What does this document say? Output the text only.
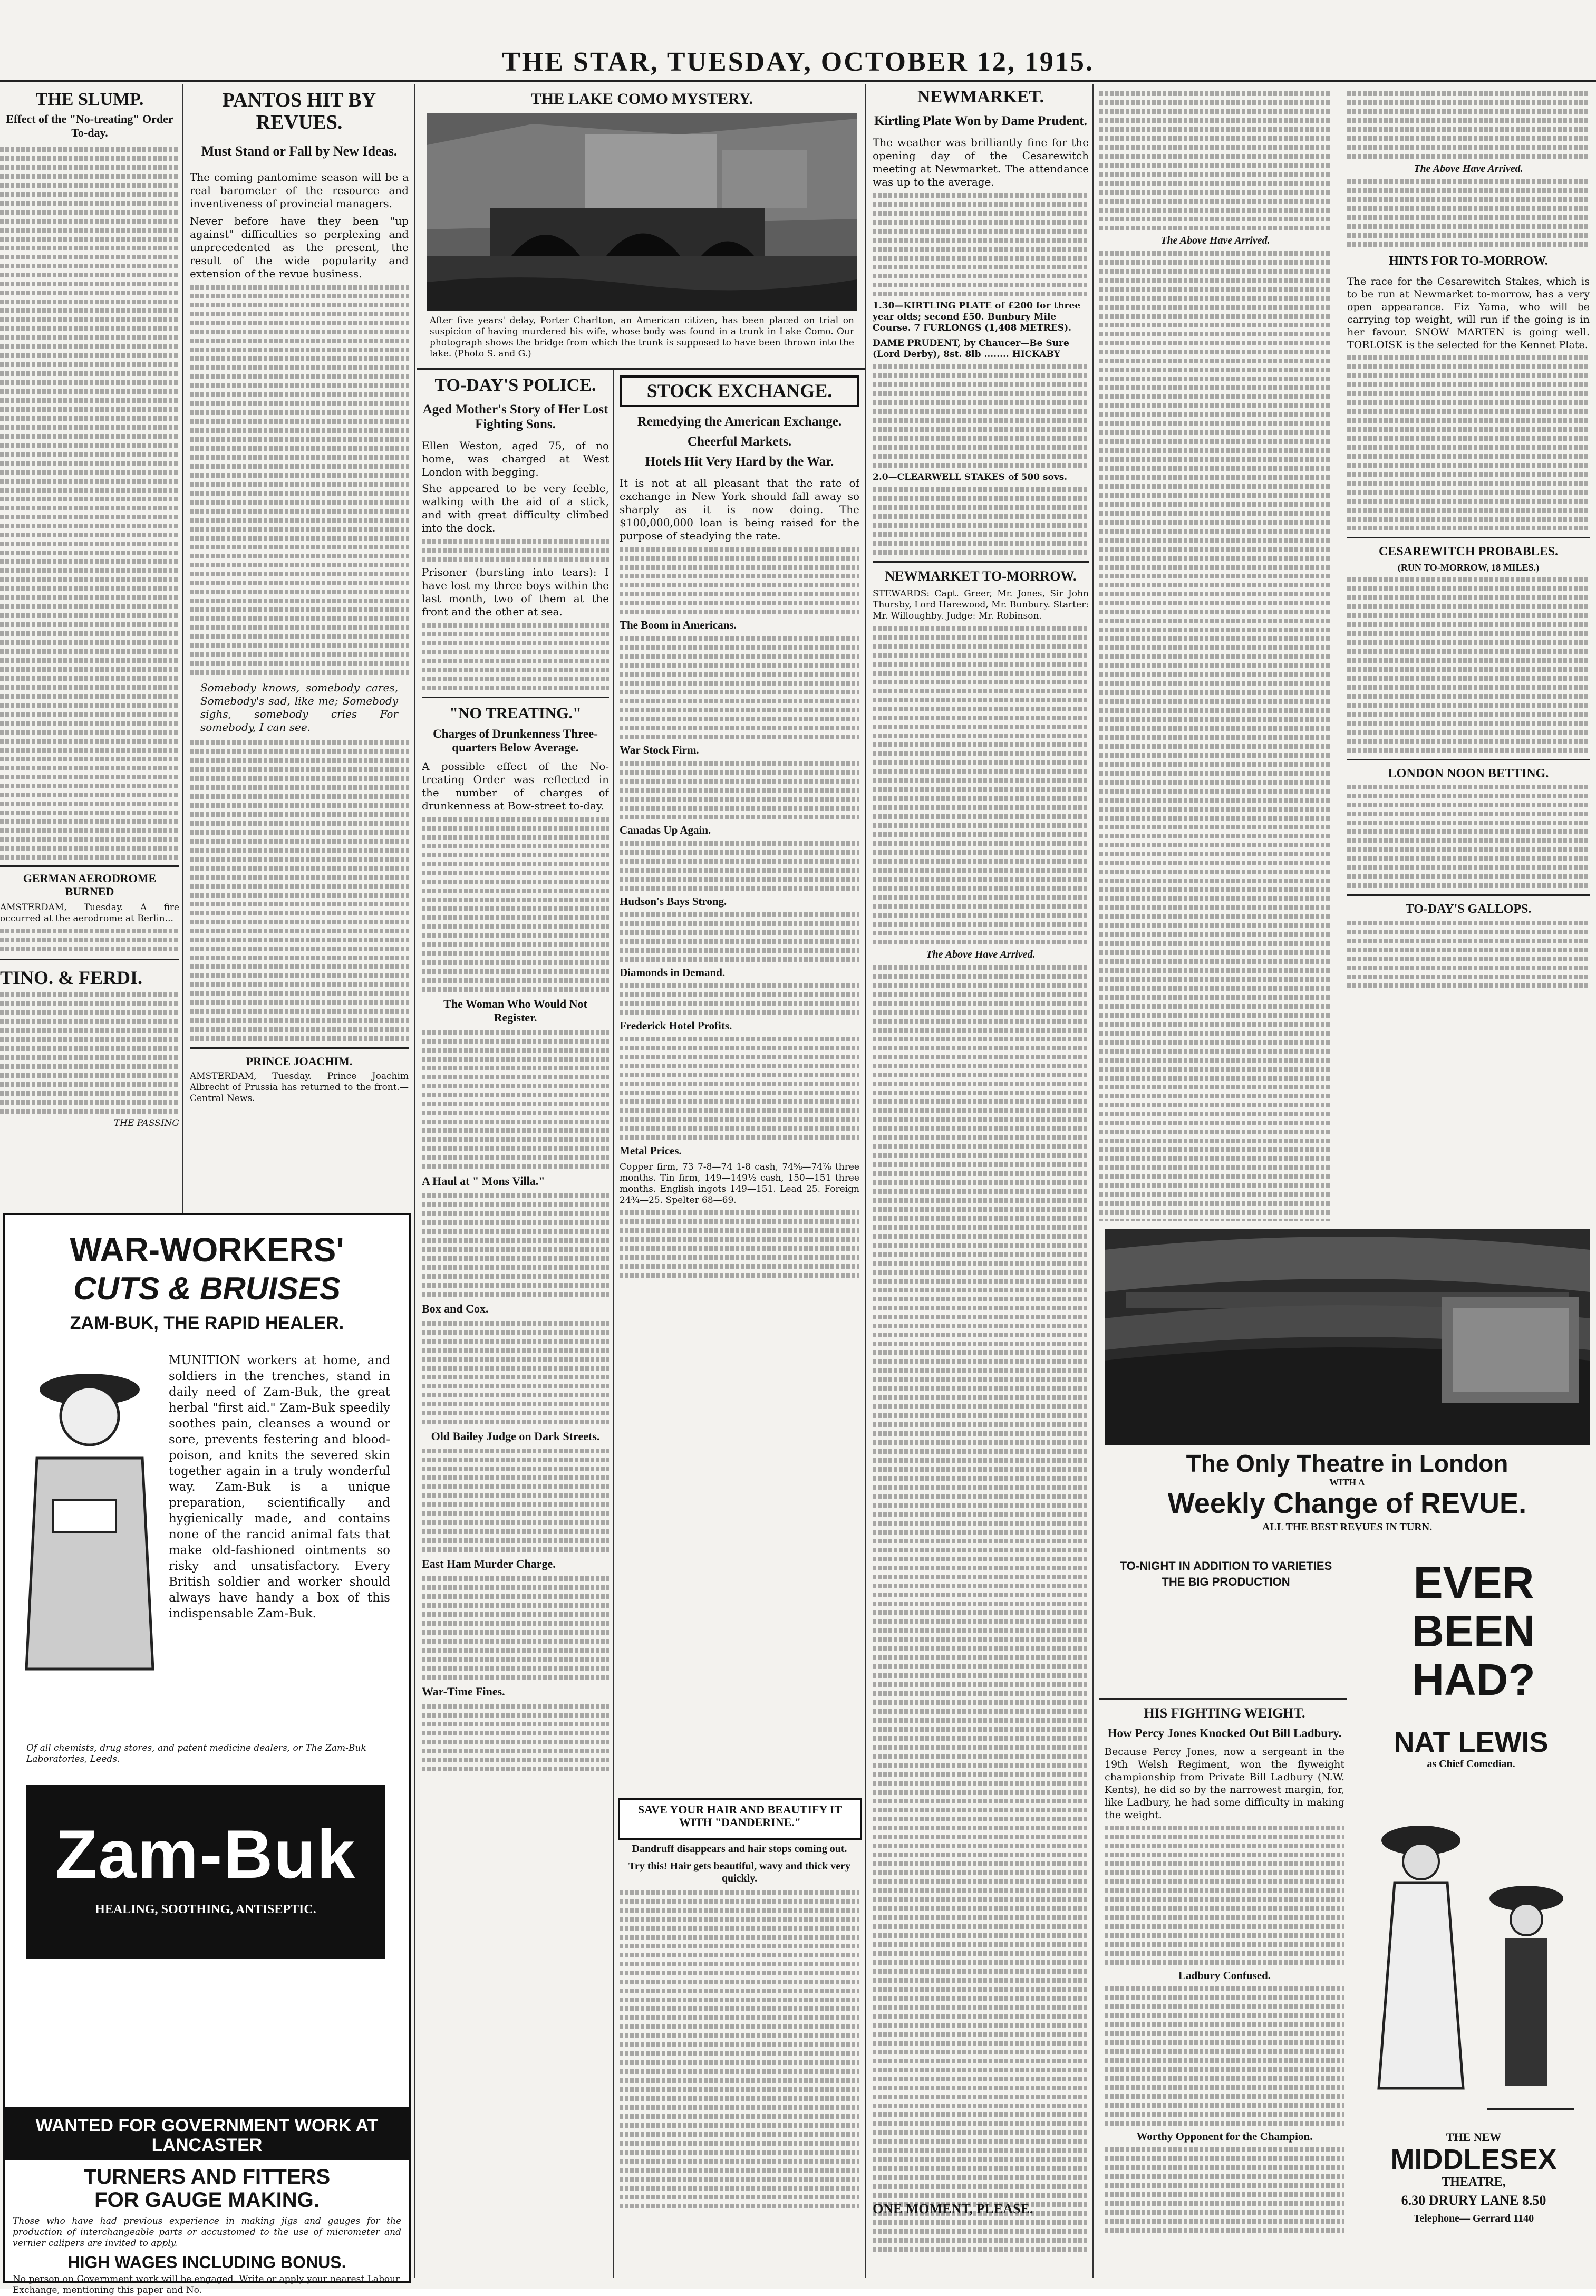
THE STAR, TUESDAY, OCTOBER 12, 1915.
THE SLUMP.
Effect of the "No-treating" Order To-day.
GERMAN AERODROME BURNED
AMSTERDAM, Tuesday. A fire occurred at the aerodrome at Berlin...
TINO. & FERDI.
THE PASSING
PANTOS HIT BY REVUES.
Must Stand or Fall by New Ideas.
The coming pantomime season will be a real barometer of the resource and inventiveness of provincial managers.
Never before have they been "up against" difficulties so perplexing and unprecedented as the present, the result of the wide popularity and extension of the revue business.
Somebody knows, somebody cares, Somebody's sad, like me; Somebody sighs, somebody cries For somebody, I can see.
PRINCE JOACHIM.
AMSTERDAM, Tuesday. Prince Joachim Albrecht of Prussia has returned to the front.—Central News.
THE LAKE COMO MYSTERY.
After five years' delay, Porter Charlton, an American citizen, has been placed on trial on suspicion of having murdered his wife, whose body was found in a trunk in Lake Como. Our photograph shows the bridge from which the trunk is supposed to have been thrown into the lake. (Photo S. and G.)
TO-DAY'S POLICE.
Aged Mother's Story of Her Lost Fighting Sons.
Ellen Weston, aged 75, of no home, was charged at West London with begging.
She appeared to be very feeble, walking with the aid of a stick, and with great difficulty climbed into the dock.
Prisoner (bursting into tears): I have lost my three boys within the last month, two of them at the front and the other at sea.
"NO TREATING."
Charges of Drunkenness Three-quarters Below Average.
A possible effect of the No-treating Order was reflected in the number of charges of drunkenness at Bow-street to-day.
The Woman Who Would Not Register.
A Haul at " Mons Villa."
Box and Cox.
Old Bailey Judge on Dark Streets.
East Ham Murder Charge.
War-Time Fines.
STOCK EXCHANGE.
Remedying the American Exchange.
Cheerful Markets.
Hotels Hit Very Hard by the War.
It is not at all pleasant that the rate of exchange in New York should fall away so sharply as it is now doing. The $100,000,000 loan is being raised for the purpose of steadying the rate.
The Boom in Americans.
War Stock Firm.
Canadas Up Again.
Hudson's Bays Strong.
Diamonds in Demand.
Frederick Hotel Profits.
Metal Prices.
Copper firm, 73 7-8—74 1-8 cash, 74⅝—74⅞ three months. Tin firm, 149—149½ cash, 150—151 three months. English ingots 149—151. Lead 25. Foreign 24¾—25. Spelter 68—69.
SAVE YOUR HAIR AND BEAUTIFY IT WITH "DANDERINE."
Dandruff disappears and hair stops coming out.
Try this! Hair gets beautiful, wavy and thick very quickly.
NEWMARKET.
Kirtling Plate Won by Dame Prudent.
The weather was brilliantly fine for the opening day of the Cesarewitch meeting at Newmarket. The attendance was up to the average.
1.30—KIRTLING PLATE of £200 for three year olds; second £50. Bunbury Mile Course. 7 FURLONGS (1,408 METRES).
DAME PRUDENT, by Chaucer—Be Sure (Lord Derby), 8st. 8lb ........ HICKABY
2.0—CLEARWELL STAKES of 500 sovs.
NEWMARKET TO-MORROW.
STEWARDS: Capt. Greer, Mr. Jones, Sir John Thursby, Lord Harewood, Mr. Bunbury. Starter: Mr. Willoughby. Judge: Mr. Robinson.
The Above Have Arrived.
ONE MOMENT, PLEASE.
The Above Have Arrived.
The Above Have Arrived.
HINTS FOR TO-MORROW.
The race for the Cesarewitch Stakes, which is to be run at Newmarket to-morrow, has a very open appearance. Fiz Yama, who will be carrying top weight, will run if the going is in her favour. SNOW MARTEN is going well. TORLOISK is the selected for the Kennet Plate.
CESAREWITCH PROBABLES.
(RUN TO-MORROW, 18 MILES.)
LONDON NOON BETTING.
TO-DAY'S GALLOPS.
The Only Theatre in London
WITH A
Weekly Change of REVUE.
ALL THE BEST REVUES IN TURN.
TO-NIGHT IN ADDITION TO VARIETIES THE BIG PRODUCTION	EVER BEEN HAD?
NAT LEWIS
as Chief Comedian.
THE NEW
MIDDLESEX
THEATRE,
6.30 DRURY LANE 8.50
Telephone— Gerrard 1140
HIS FIGHTING WEIGHT.
How Percy Jones Knocked Out Bill Ladbury.
Because Percy Jones, now a sergeant in the 19th Welsh Regiment, won the flyweight championship from Private Bill Ladbury (N.W. Kents), he did so by the narrowest margin, for, like Ladbury, he had some difficulty in making the weight.
Ladbury Confused.
Worthy Opponent for the Champion.
WAR-WORKERS'
CUTS & BRUISES
ZAM-BUK, THE RAPID HEALER.
MUNITION workers at home, and soldiers in the trenches, stand in daily need of Zam-Buk, the great herbal "first aid." Zam-Buk speedily soothes pain, cleanses a wound or sore, prevents festering and blood-poison, and knits the severed skin together again in a truly wonderful way. Zam-Buk is a unique preparation, scientifically and hygienically made, and contains none of the rancid animal fats that make old-fashioned ointments so risky and unsatisfactory. Every British soldier and worker should always have handy a box of this indispensable Zam-Buk.
Of all chemists, drug stores, and patent medicine dealers, or The Zam-Buk Laboratories, Leeds.
Zam-Buk
HEALING, SOOTHING, ANTISEPTIC.
WANTED FOR GOVERNMENT WORK AT LANCASTER
TURNERS AND FITTERS
FOR GAUGE MAKING.
Those who have had previous experience in making jigs and gauges for the production of interchangeable parts or accustomed to the use of micrometer and vernier calipers are invited to apply.
HIGH WAGES INCLUDING BONUS.
No person on Government work will be engaged. Write or apply your nearest Labour Exchange, mentioning this paper and No.
